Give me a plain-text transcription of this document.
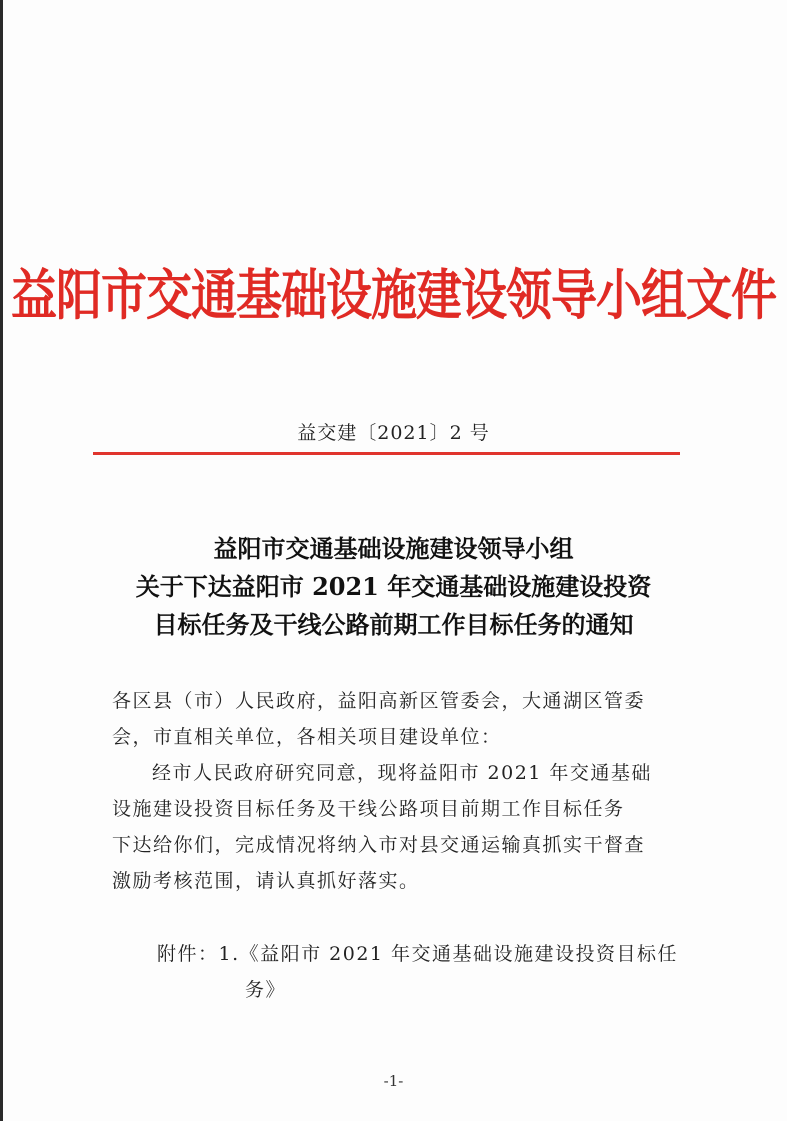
益阳市交通基础设施建设领导小组文件
益交建〔2021〕2 号
益阳市交通基础设施建设领导小组
关于下达益阳市 2021 年交通基础设施建设投资
目标任务及干线公路前期工作目标任务的通知
各区县（市）人民政府，益阳高新区管委会，大通湖区管委
会，市直相关单位，各相关项目建设单位：
经市人民政府研究同意，现将益阳市 2021 年交通基础
设施建设投资目标任务及干线公路项目前期工作目标任务
下达给你们，完成情况将纳入市对县交通运输真抓实干督查
激励考核范围，请认真抓好落实。
附件：1.《益阳市 2021 年交通基础设施建设投资目标任
务》
-1-
